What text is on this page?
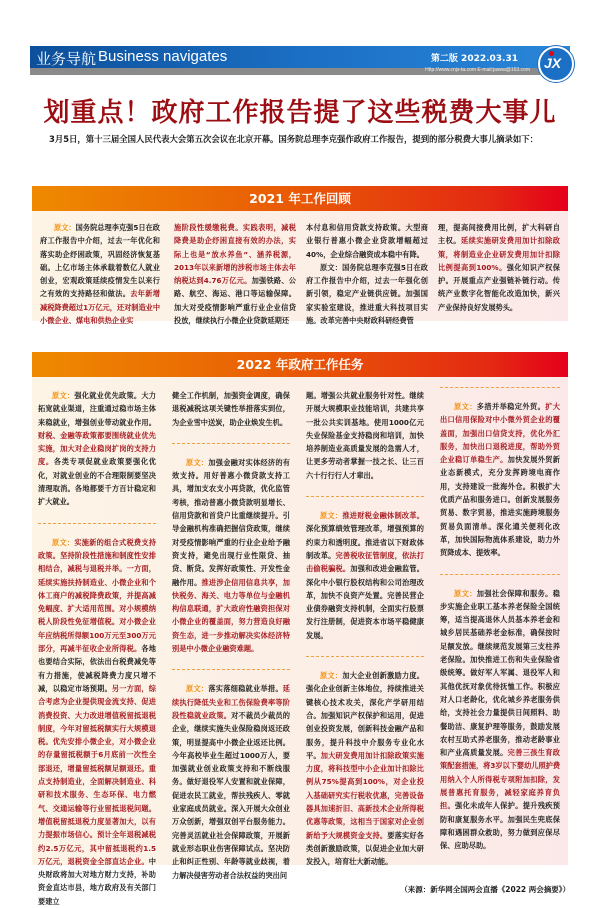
业务导航 Business navigates	第二版 2022.03.31
Http://www.cnjx-ta.com E-mail:jaswa@163.com JX
划重点！政府工作报告提了这些税费大事儿
3月5日，第十三届全国人民代表大会第五次会议在北京开幕。国务院总理李克强作政府工作报告，提到的部分税费大事儿摘录如下：
2021 年工作回顾

原文：国务院总理李克强5日在政府工作报告中介绍，过去一年优化和落实助企纾困政策，巩固经济恢复基础。上亿市场主体承载着数亿人就业创业，宏观政策延续疫情发生以来行之有效的支持路径和做法。去年新增减税降费超过1万亿元，还对制造业中小微企业、煤电和供热企业实

施阶段性缓缴税费。实践表明，减税降费是助企纾困直接有效的办法，实际上也是“放水养鱼”、涵养税源，2013年以来新增的涉税市场主体去年纳税达到4.76万亿元。加强铁路、公路、航空、海运、港口等运输保障。加大对受疫情影响严重行业企业信贷投放，继续执行小微企业贷款延期还

本付息和信用贷款支持政策。大型商业银行普惠小微企业贷款增幅超过40%，企业综合融资成本稳中有降。

原文：国务院总理李克强5日在政府工作报告中介绍，过去一年强化创新引领，稳定产业链供应链。加强国家实验室建设，推进重大科技项目实施。改革完善中央财政科研经费管

理，提高间接费用比例，扩大科研自主权。延续实施研发费用加计扣除政策，将制造业企业研发费用加计扣除比例提高到100%。强化知识产权保护。开展重点产业强链补链行动。传统产业数字化智能化改造加快，新兴产业保持良好发展势头。

2022 年政府工作任务

原文：强化就业优先政策。大力拓宽就业渠道，注重通过稳市场主体来稳就业，增强创业带动就业作用。财税、金融等政策都要围绕就业优先实施，加大对企业稳岗扩岗的支持力度。各类专项促就业政策要强化优化，对就业创业的不合理限制要坚决清理取消。各地都要千方百计稳定和扩大就业。

原文：实施新的组合式税费支持政策。坚持阶段性措施和制度性安排相结合，减税与退税并举。一方面，延续实施扶持制造业、小微企业和个体工商户的减税降费政策，并提高减免幅度、扩大适用范围。对小规模纳税人阶段性免征增值税。对小微企业年应纳税所得额100万元至300万元部分，再减半征收企业所得税。各地也要结合实际，依法出台税费减免等有力措施，使减税降费力度只增不减，以稳定市场预期。另一方面，综合考虑为企业提供现金流支持、促进消费投资、大力改进增值税留抵退税制度，今年对留抵税额实行大规模退税。优先安排小微企业，对小微企业的存量留抵税额于6月底前一次性全部退还，增量留抵税额足额退还。重点支持制造业，全面解决制造业、科研和技术服务、生态环保、电力燃气、交通运输等行业留抵退税问题。增值税留抵退税力度显著加大，以有力提振市场信心。预计全年退税减税约2.5万亿元，其中留抵退税约1.5万亿元，退税资金全部直达企业。中央财政将加大对地方财力支持，补助资金直达市县，地方政府及有关部门要建立

健全工作机制，加强资金调度，确保退税减税这项关键性举措落实到位，为企业雪中送炭，助企业焕发生机。

原文：加强金融对实体经济的有效支持。用好普惠小微贷款支持工具，增加支农支小再贷款，优化监管考核，推动普惠小微贷款明显增长、信用贷款和首贷户比重继续提升。引导金融机构准确把握信贷政策，继续对受疫情影响严重的行业企业给予融资支持，避免出现行业性限贷、抽贷、断贷。发挥好政策性、开发性金融作用。推进涉企信用信息共享，加快税务、海关、电力等单位与金融机构信息联通，扩大政府性融资担保对小微企业的覆盖面，努力营造良好融资生态，进一步推动解决实体经济特别是中小微企业融资难题。

原文：落实落细稳就业举措。延续执行降低失业和工伤保险费率等阶段性稳就业政策。对不裁员少裁员的企业，继续实施失业保险稳岗返还政策，明显提高中小微企业返还比例。今年高校毕业生超过1000万人，要加强就业创业政策支持和不断线服务。做好退役军人安置和就业保障，促进农民工就业，帮扶残疾人、零就业家庭成员就业。深入开展大众创业万众创新，增强双创平台服务能力。完善灵活就业社会保障政策，开展新就业形态职业伤害保障试点。坚决防止和纠正性别、年龄等就业歧视，着力解决侵害劳动者合法权益的突出问

题。增强公共就业服务针对性。继续开展大规模职业技能培训，共建共享一批公共实训基地。使用1000亿元失业保险基金支持稳岗和培训，加快培养制造业高质量发展的急需人才，让更多劳动者掌握一技之长、让三百六十行行行人才辈出。

原文：推进财税金融体制改革。深化预算绩效管理改革，增强预算的约束力和透明度。推进省以下财政体制改革。完善税收征管制度，依法打击偷税骗税。加强和改进金融监管。深化中小银行股权结构和公司治理改革，加快不良资产处置。完善民营企业债券融资支持机制，全面实行股票发行注册制，促进资本市场平稳健康发展。

原文：加大企业创新激励力度。强化企业创新主体地位，持续推进关键核心技术攻关，深化产学研用结合。加强知识产权保护和运用，促进创业投资发展，创新科技金融产品和服务，提升科技中介服务专业化水平。加大研发费用加计扣除政策实施力度，将科技型中小企业加计扣除比例从75%提高到100%，对企业投入基础研究实行税收优惠，完善设备器具加速折旧、高新技术企业所得税优惠等政策，这相当于国家对企业创新给予大规模资金支持。要落实好各类创新激励政策，以促进企业加大研发投入，培育壮大新动能。

原文：多措并举稳定外贸。扩大出口信用保险对中小微外贸企业的覆盖面，加强出口信贷支持，优化外汇服务，加快出口退税进度，帮助外贸企业稳订单稳生产。加快发展外贸新业态新模式，充分发挥跨境电商作用，支持建设一批海外仓。积极扩大优质产品和服务进口。创新发展服务贸易、数字贸易，推进实施跨境服务贸易负面清单。深化通关便利化改革，加快国际物流体系建设，助力外贸降成本、提效率。

原文：加强社会保障和服务。稳步实施企业职工基本养老保险全国统筹，适当提高退休人员基本养老金和城乡居民基础养老金标准，确保按时足额发放。继续规范发展第三支柱养老保险。加快推进工伤和失业保险省级统筹。做好军人军属、退役军人和其他优抚对象优待抚恤工作。积极应对人口老龄化，优化城乡养老服务供给，支持社会力量提供日间照料、助餐助洁、康复护理等服务，鼓励发展农村互助式养老服务，推动老龄事业和产业高质量发展。完善三孩生育政策配套措施，将3岁以下婴幼儿照护费用纳入个人所得税专项附加扣除，发展普惠托育服务，减轻家庭养育负担。强化未成年人保护。提升残疾预防和康复服务水平。加强民生兜底保障和遇困群众救助，努力做到应保尽保、应助尽助。

（来源：新华网全国两会直播《2022 两会摘要》）
